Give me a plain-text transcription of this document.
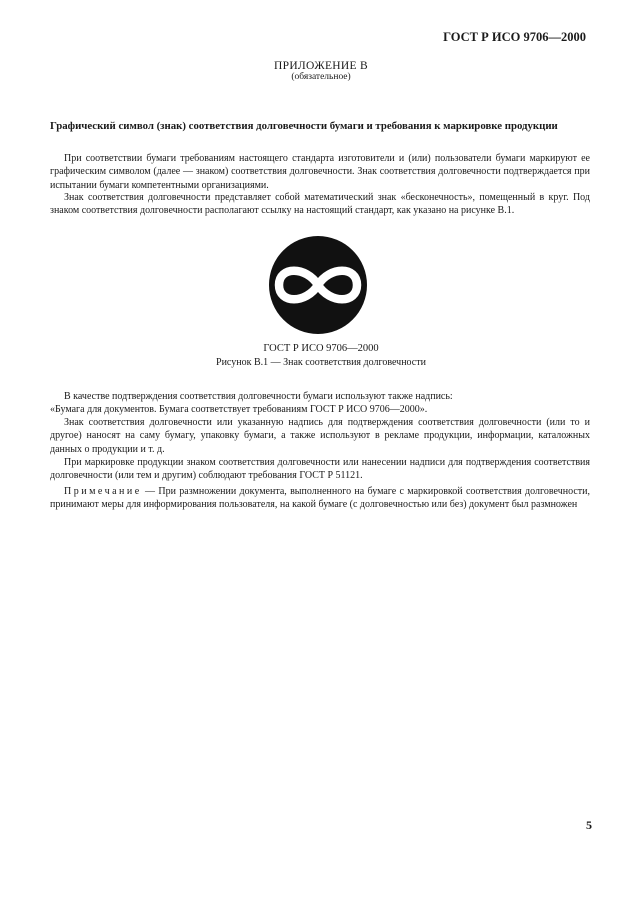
ГОСТ Р ИСО 9706—2000
ПРИЛОЖЕНИЕ В
(обязательное)
Графический символ (знак) соответствия долговечности бумаги и требования к маркировке продукции

При соответствии бумаги требованиям настоящего стандарта изготовители и (или) пользователи бумаги маркируют ее графическим символом (далее — знаком) соответствия долговечности. Знак соответствия долговечности подтверждается при испытании бумаги компетентными организациями.

Знак соответствия долговечности представляет собой математический знак «бесконечность», помещенный в круг. Под знаком соответствия долговечности располагают ссылку на настоящий стандарт, как указано на рисунке В.1.

ГОСТ Р ИСО 9706—2000
Рисунок В.1 — Знак соответствия долговечности

В качестве подтверждения соответствия долговечности бумаги используют также надпись:

«Бумага для документов. Бумага соответствует требованиям ГОСТ Р ИСО 9706—2000».

Знак соответствия долговечности или указанную надпись для подтверждения соответствия долговечности (или то и другое) наносят на саму бумагу, упаковку бумаги, а также используют в рекламе продукции, информации, каталожных данных о продукции и т. д.

При маркировке продукции знаком соответствия долговечности или нанесении надписи для подтверждения соответствия долговечности (или тем и другим) соблюдают требования ГОСТ Р 51121.

Примечание — При размножении документа, выполненного на бумаге с маркировкой соответствия долговечности, принимают меры для информирования пользователя, на какой бумаге (с долговечностью или без) документ был размножен

5
